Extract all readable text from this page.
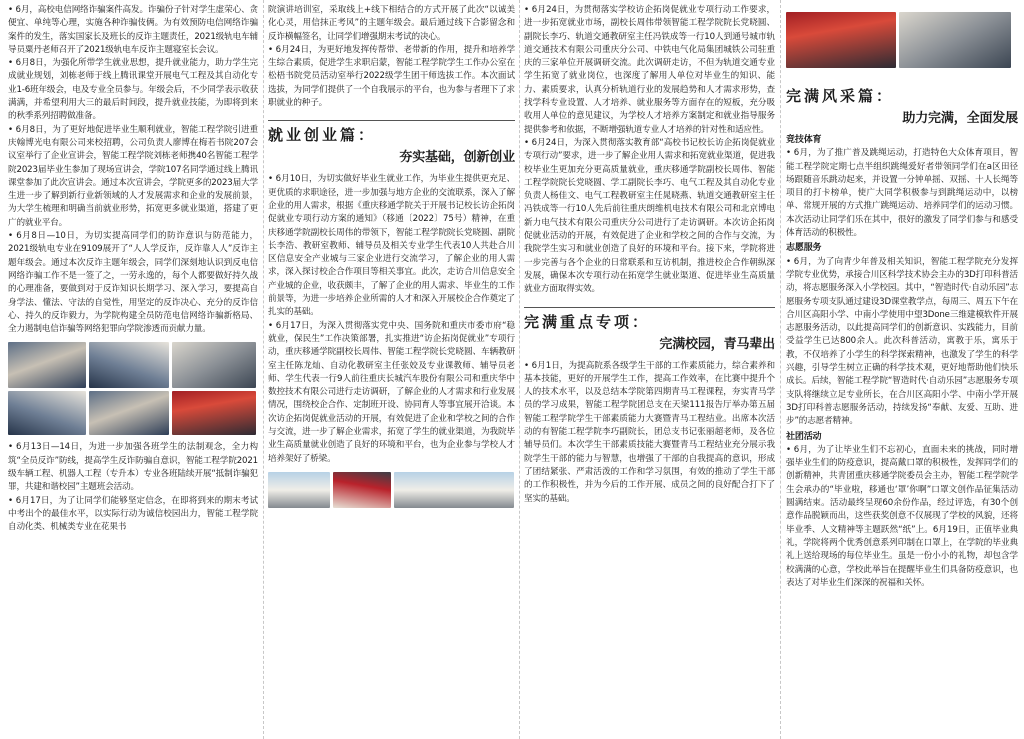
• 6月，高校电信网络诈骗案件高发。诈骗份子针对学生虚荣心、贪便宜、单纯等心理，实施各种诈骗伎俩。为有效预防电信网络诈骗案件的发生，落实国家长及班长的反诈主题责任，2021级轨电车辅导员粟丹老师召开了2021级轨电车反诈主题寝室长会议。

• 6月8日，为强化所带学生就业思想，提升就业能力，助力学生完成就业规划，刘栋老师于线上腾讯课堂开展电气工程及其自动化专业1-6班年级会，电及专业全员参与。年级会后，不少同学表示收获满满，并希望利用大三的最后时间段，提升就业技能，为即将到来的秋季系列招聘做准备。

• 6月8日，为了更好地促进毕业生顺利就业，智能工程学院引进重庆翰博光电有限公司来校招聘，公司负责人廖博在梅若书院207会议室举行了企业宣讲会，智能工程学院刘栋老师携40名智能工程学院2023届毕业生参加了现场宣讲会，学院107名同学通过线上腾讯课堂参加了此次宣讲会。通过本次宣讲会，学院更多的2023届大学生进一步了解到新行业新领域的人才发展需求和企业的发展前景，为大学生梳理和明确当前就业形势，拓宽更多就业渠道，搭建了更广的就业平台。

• 6月8日—10日，为切实提高同学们的防诈意识与防范能力，2021级轨电专业在9109展开了“人人学反诈，反诈靠人人”反诈主题年级会。通过本次反诈主题年级会，同学们深刻地认识到反电信网络诈骗工作不是一签了之，一劳永逸的，每个人都要做好持久战的心理准备，要做到对于反诈知识长期学习、深入学习，要提高自身学法、懂法、守法的自觉性，用坚定的反诈决心、充分的反诈信心、持久的反诈毅力，为学院构建全员防范电信网络诈骗新格局、全力遏制电信诈骗等网络犯罪向学院渗透而贡献力量。

• 6月13日—14日，为进一步加强各班学生的法制观念，全力构筑“全员反诈”防线，提高学生反诈防骗自意识，智能工程学院2021级车辆工程、机器人工程（专升本）专业各班陆续开展“抵制诈骗犯罪，共建和谐校园”主题班会活动。

• 6月17日，为了让同学们能够坚定信念，在即将到来的期末考试中考出个的最佳水平，以实际行动为诚信校园出力，智能工程学院自动化类、机械类专业在花果书

院演讲培训室，采取线上+线下相结合的方式开展了此次“以诚美化心灵，用信抹正考风”的主题年级会。最后通过线下合影留念和反诈横幅签名，让同学们增强期末考试的决心。

• 6月24日，为更好地发挥传帮带、老带新的作用，提升和培养学生综合素质，促进学生求职启蒙，智能工程学院学生工作办公室在松梧书院党员活动室举行2022级学生团干师选拔工作。本次面试选拔，为同学们提供了一个自我展示的平台，也为参与者理下了求职就业的种子。

就业创业篇：
夯实基础，创新创业

• 6月10日，为切实做好毕业生就业工作，为毕业生提供更充足、更优质的求职途径，进一步加强与地方企业的交流联系，深入了解企业的用人需求，根据《重庆移通学院关于开展书记校长访企拓岗促就业专项行动方案的通知》（移通〔2022〕75号）精神，在重庆移通学院副校长周伟的带领下，智能工程学院院长党晓圆、副院长李浩、教研室教师、辅导员及相关专业学生代表10人共赴合川区信息安全产业城与三家企业进行交流学习，了解企业的用人需求，深入探讨校企合作项目等相关事宜。此次，走访合川信息安全产业城的企业，收获颇丰，了解了企业的用人需求、毕业生的工作前景等，为进一步培养企业所需的人才和深入开展校企合作奠定了扎实的基础。

• 6月17日，为深入贯彻落实党中央、国务院和重庆市委市府“稳就业，保民生”工作决策部署，扎实推进“访企拓岗促就业”专项行动，重庆移通学院副校长周伟、智能工程学院长党晓圆、车辆教研室主任陈龙灿、自动化教研室主任张姣及专业课教师、辅导员老师、学生代表一行9人前往重庆长城汽车股份有限公司和重庆华中数控技术有限公司进行走访调研，了解企业的人才需求和行业发展情况，围绕校企合作、定制班开设、协同育人等事宜展开洽谈。本次访企拓岗促就业活动的开展，有效促进了企业和学校之间的合作与交流，进一步了解企业需求，拓宽了学生的就业渠道，为我院毕业生高质量就业创造了良好的环境和平台，也为企业参与学校人才培养架好了桥梁。

• 6月24日，为贯彻落实学校访企拓岗促就业专项行动工作要求，进一步拓宽就业市场，副校长周伟带领智能工程学院院长党晓圆、副院长李巧、轨道交通教研室主任冯铁成等一行10人到通号城市轨道交通技术有限公司重庆分公司、中铁电气化局集团城铁公司驻重庆的三家单位开展调研交流。此次调研走访，不但为轨道交通专业学生拓宽了就业岗位，也深度了解用人单位对毕业生的知识、能力、素质要求，认真分析轨道行业的发展趋势和人才需求形势，查找学科专业设置、人才培养、就业服务等方面存在的短板，充分吸收用人单位的意见建议，为学校人才培养方案制定和就业指导服务提供参考和依据，不断增强轨道专业人才培养的针对性和适应性。

• 6月24日，为深入贯彻落实教育部“高校书记校长访企拓岗促就业专项行动”要求，进一步了解企业用人需求和拓宽就业渠道，促进我校毕业生更加充分更高质量就业，重庆移通学院副校长周伟、智能工程学院院长党晓圆、学工副院长李巧、电气工程及其自动化专业负责人杨佳文、电气工程教研室主任晁晓燕、轨道交通教研室主任冯铁成等一行10人先后前往重庆朗维机电技术有限公司和北京博电新力电气技术有限公司重庆分公司进行了走访调研。本次访企拓岗促就业活动的开展，有效促进了企业和学校之间的合作与交流，为我院学生实习和就业创造了良好的环境和平台。接下来，学院将进一步完善与各个企业的日常联系和互访机制，推进校企合作朝纵深发展，确保本次专项行动在拓宽学生就业渠道、促进毕业生高质量就业方面取得实效。

完满重点专项：
完满校园，青马辈出

• 6月1日，为提高院系各级学生干部的工作素质能力，综合素养和基本技能，更好的开展学生工作，提高工作效率，在比赛中提升个人的技术水平，以及总结本学院第四期青马工程课程，夯实青马学员的学习成果，智能工程学院团总支在天梁111报告厅举办第五届智能工程学院学生干部素质能力大赛暨青马工程结业。出席本次活动的有智能工程学院李巧副院长，团总支书记张丽超老师，及各位辅导员们。本次学生干部素质技能大赛暨青马工程结业充分展示我院学生干部的能力与智慧，也增强了干部的自我提高的意识，形成了团结紧张、严肃活泼的工作和学习氛围，有效的推动了学生干部的工作积极性，并为今后的工作开展、成员之间的良好配合打下了坚实的基础。

完满风采篇：
助力完满，全面发展
竞技体育

• 6月，为了推广普及跳绳运动，打造特色大众体育项目，智能工程学院定期七点半组织跳绳爱好者带领同学们在a区田径场跟随音乐跳动起来，并设置一分钟单摇、双摇、十人长绳等项目的打卡榜单，使广大同学积极参与到跳绳运动中，以榜单、常规开展的方式推广跳绳运动、培养同学们的运动习惯。本次活动让同学们乐在其中，很好的激发了同学们参与和感受体育活动的积极性。

志愿服务

• 6月，为了向青少年普及相关知识，智能工程学院充分发挥学院专业优势，承接合川区科学技术协会主办的3D打印科普活动，将志愿服务深入小学校园。其中，“智造时代·自动乐园”志愿服务专项支队通过建设3D课堂教学点，每周三、周五下午在合川区高阳小学、中南小学使用中望3Done三维建模软件开展志愿服务活动，以此提高同学们的创新意识、实践能力，目前受益学生已达800余人。此次科普活动，寓教于乐，寓乐于教，不仅培养了小学生的科学探索精神，也激发了学生的科学兴趣，引导学生树立正确的科学技术观，更好地帮助他们快乐成长。后续，智能工程学院“智造时代·自动乐园”志愿服务专项支队将继续立足专业所长，在合川区高阳小学、中南小学开展3D打印科普志愿服务活动，持续发扬“奉献、友爱、互助、进步”的志愿者精神。

社团活动

• 6月，为了让毕业生们不忘初心，直面未来的挑战，同时增强毕业生们的防疫意识，提高戴口罩的积极性，发挥同学们的创新精神，共青团重庆移通学院委员会主办，智能工程学院学生会承办的“毕业啦，移通也‘罩’你啊”口罩文创作品征集活动圆满结束。活动最终呈现60余份作品，经过评选，有30个创意作品脱颖而出，这些获奖创意不仅展现了学校的风貌，还将毕业季、人文精神等主题跃然“纸”上。6月19日，正值毕业典礼，学院将两个优秀创意系列印制在口罩上，在学院的毕业典礼上送给现场的每位毕业生。虽是一份小小的礼物，却包含学校满满的心意，学校此举旨在提醒毕业生们具备防疫意识，也表达了对毕业生们深深的祝福和关怀。
